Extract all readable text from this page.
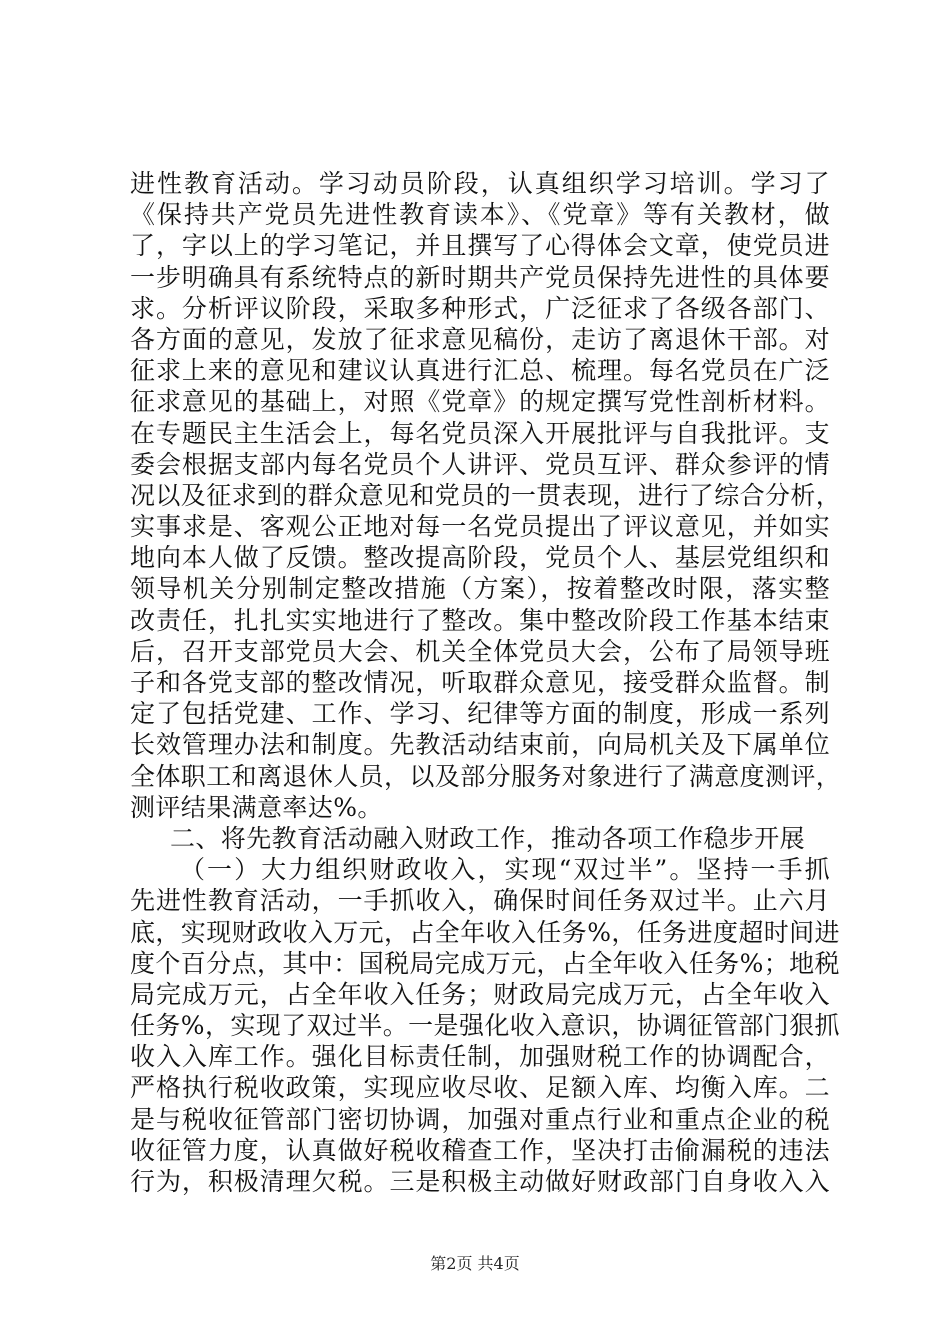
进性教育活动。学习动员阶段，认真组织学习培训。学习了
《保持共产党员先进性教育读本》、《党章》等有关教材，做
了，字以上的学习笔记，并且撰写了心得体会文章，使党员进
一步明确具有系统特点的新时期共产党员保持先进性的具体要
求。分析评议阶段，采取多种形式，广泛征求了各级各部门、
各方面的意见，发放了征求意见稿份，走访了离退休干部。对
征求上来的意见和建议认真进行汇总、梳理。每名党员在广泛
征求意见的基础上，对照《党章》的规定撰写党性剖析材料。
在专题民主生活会上，每名党员深入开展批评与自我批评。支
委会根据支部内每名党员个人讲评、党员互评、群众参评的情
况以及征求到的群众意见和党员的一贯表现，进行了综合分析，
实事求是、客观公正地对每一名党员提出了评议意见，并如实
地向本人做了反馈。整改提高阶段，党员个人、基层党组织和
领导机关分别制定整改措施（方案），按着整改时限，落实整
改责任，扎扎实实地进行了整改。集中整改阶段工作基本结束
后，召开支部党员大会、机关全体党员大会，公布了局领导班
子和各党支部的整改情况，听取群众意见，接受群众监督。制
定了包括党建、工作、学习、纪律等方面的制度，形成一系列
长效管理办法和制度。先教活动结束前，向局机关及下属单位
全体职工和离退休人员，以及部分服务对象进行了满意度测评，
测评结果满意率达%。
二、将先教育活动融入财政工作，推动各项工作稳步开展
（一）大力组织财政收入，实现“双过半”。坚持一手抓
先进性教育活动，一手抓收入，确保时间任务双过半。止六月
底，实现财政收入万元，占全年收入任务%，任务进度超时间进
度个百分点，其中：国税局完成万元，占全年收入任务%；地税
局完成万元，占全年收入任务；财政局完成万元，占全年收入
任务%，实现了双过半。一是强化收入意识，协调征管部门狠抓
收入入库工作。强化目标责任制，加强财税工作的协调配合，
严格执行税收政策，实现应收尽收、足额入库、均衡入库。二
是与税收征管部门密切协调，加强对重点行业和重点企业的税
收征管力度，认真做好税收稽查工作，坚决打击偷漏税的违法
行为，积极清理欠税。三是积极主动做好财政部门自身收入入
第2页 共4页
